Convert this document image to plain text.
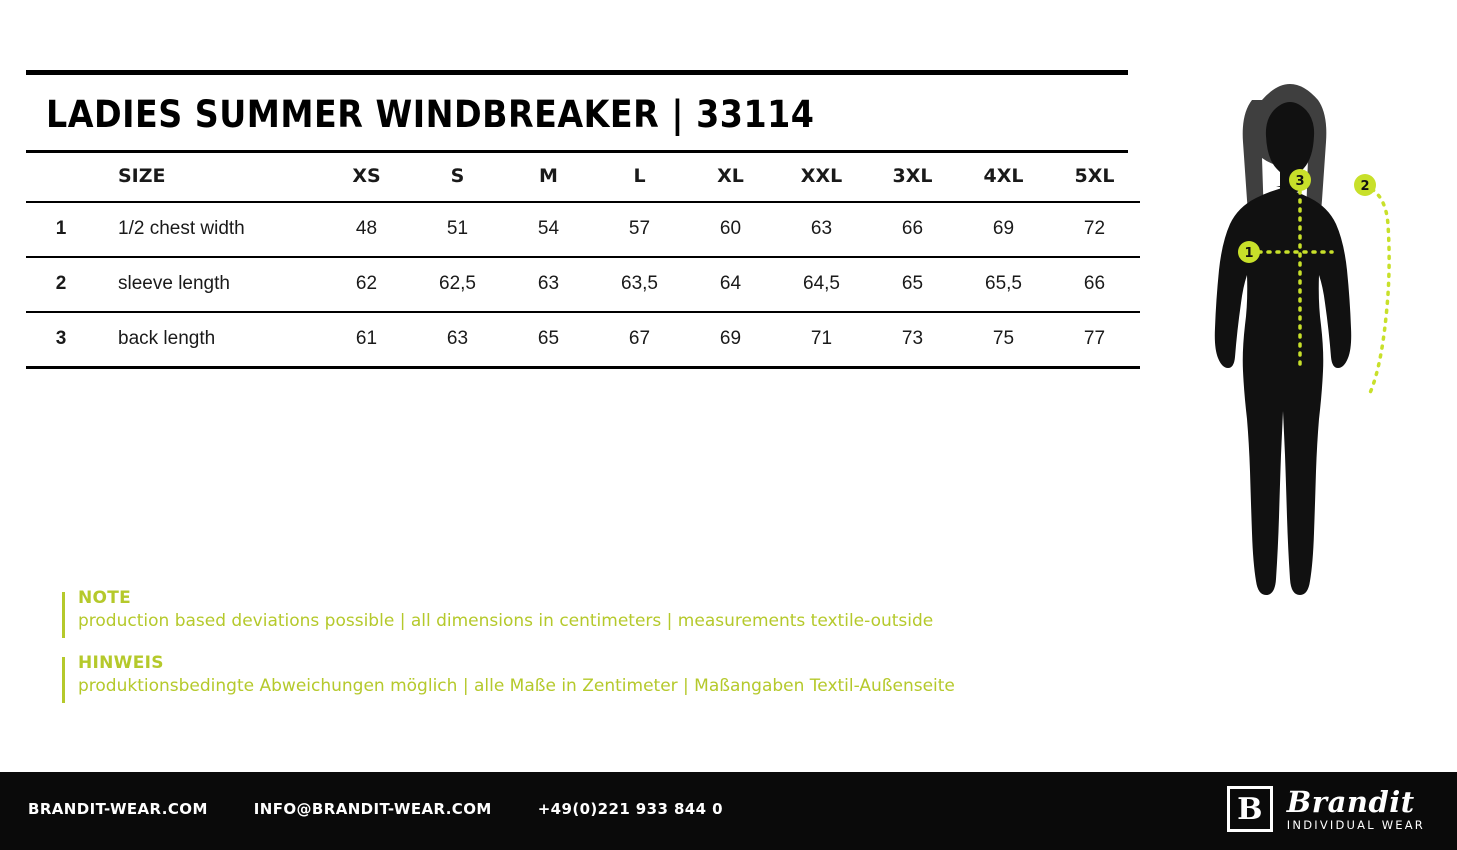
LADIES SUMMER WINDBREAKER | 33114
	SIZE	XS	S	M	L	XL	XXL	3XL	4XL	5XL
1	1/2 chest width	48	51	54	57	60	63	66	69	72
2	sleeve length	62	62,5	63	63,5	64	64,5	65	65,5	66
3	back length	61	63	65	67	69	71	73	75	77
NOTE
production based deviations possible | all dimensions in centimeters | measurements textile-outside
HINWEIS
produktionsbedingte Abweichungen möglich | alle Maße in Zentimeter | Maßangaben Textil-Außenseite
1
2
3
BRANDIT-WEAR.COM	INFO@BRANDIT-WEAR.COM	+49(0)221 933 844 0	B Brandit
INDIVIDUAL WEAR
